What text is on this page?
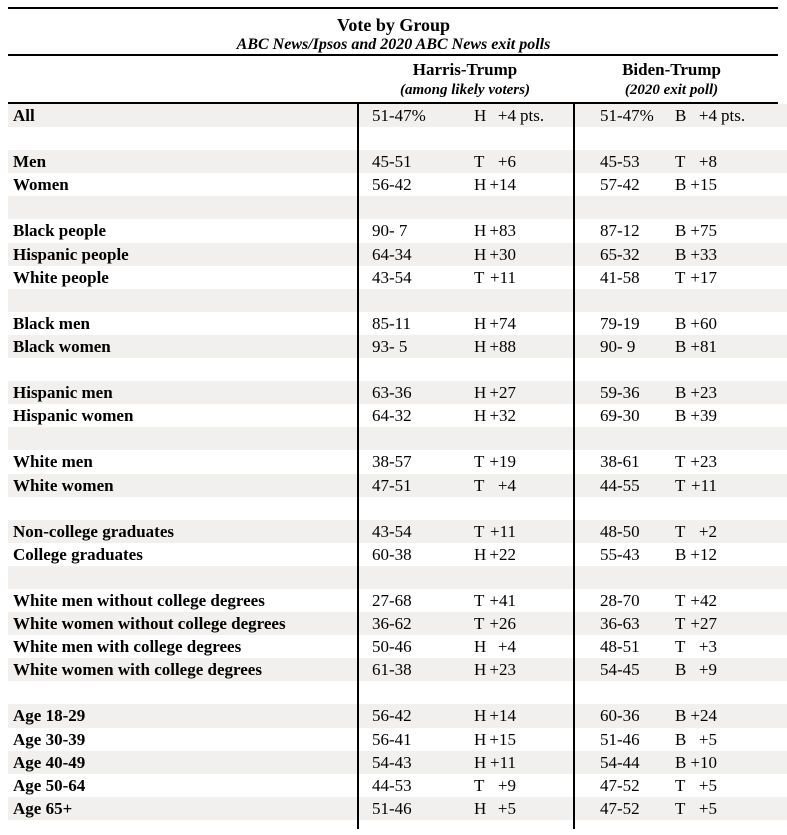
Vote by Group
ABC News/Ipsos and 2020 ABC News exit polls
Harris-Trump
(among likely voters)
Biden-Trump
(2020 exit poll)
All	51-47%	H +4 pts.	51-47%	B +4 pts.
Men	45-51	T +6	45-53	T +8
Women	56-42	H +14	57-42	B +15
Black people	90- 7	H +83	87-12	B +75
Hispanic people	64-34	H +30	65-32	B +33
White people	43-54	T +11	41-58	T +17
Black men	85-11	H +74	79-19	B +60
Black women	93- 5	H +88	90- 9	B +81
Hispanic men	63-36	H +27	59-36	B +23
Hispanic women	64-32	H +32	69-30	B +39
White men	38-57	T +19	38-61	T +23
White women	47-51	T +4	44-55	T +11
Non-college graduates	43-54	T +11	48-50	T +2
College graduates	60-38	H +22	55-43	B +12
White men without college degrees	27-68	T +41	28-70	T +42
White women without college degrees	36-62	T +26	36-63	T +27
White men with college degrees	50-46	H +4	48-51	T +3
White women with college degrees	61-38	H +23	54-45	B +9
Age 18-29	56-42	H +14	60-36	B +24
Age 30-39	56-41	H +15	51-46	B +5
Age 40-49	54-43	H +11	54-44	B +10
Age 50-64	44-53	T +9	47-52	T +5
Age 65+	51-46	H +5	47-52	T +5
